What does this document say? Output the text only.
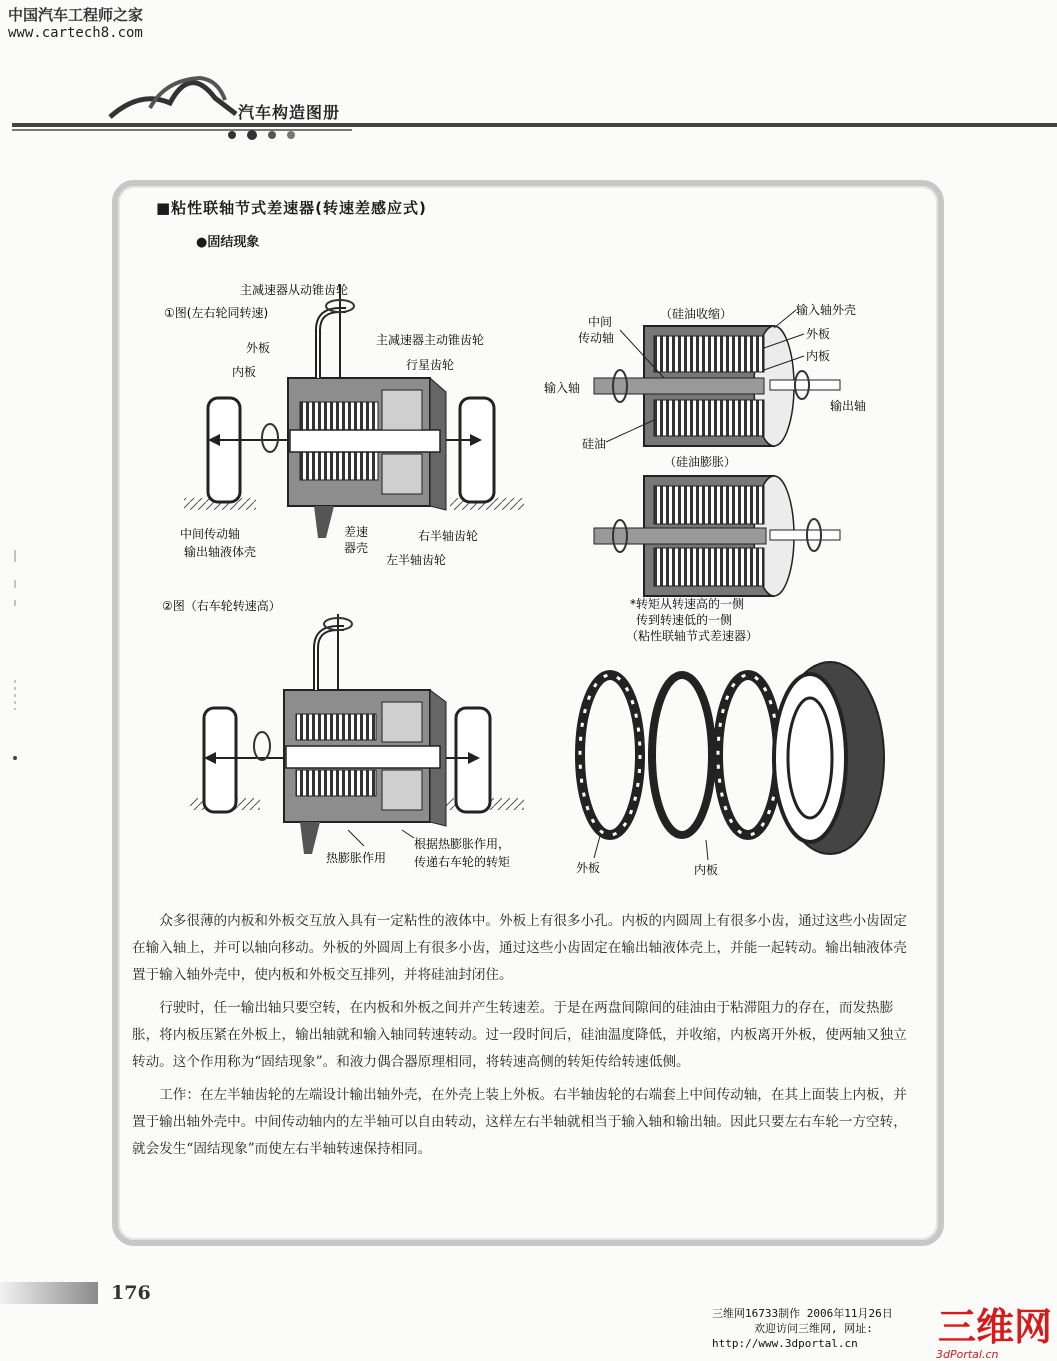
中国汽车工程师之家
www.cartech8.com
汽车构造图册
■粘性联轴节式差速器(转速差感应式)
●固结现象
①图(左右轮同转速)
主减速器从动锥齿轮
主减速器主动锥齿轮
外板
内板	行星齿轮
中间传动轴
输出轴液体壳
差速
器壳
右半轴齿轮
左半轴齿轮
②图（右车轮转速高）
热膨胀作用
根据热膨胀作用，
传递右车轮的转矩
（硅油收缩）
中间
传动轴
输入轴
硅油
输入轴外壳
外板
内板
输出轴
（硅油膨胀）
*转矩从转速高的一侧
传到转速低的一侧
（粘性联轴节式差速器）
外板	内板

众多很薄的内板和外板交互放入具有一定粘性的液体中。外板上有很多小孔。内板的内圆周上有很多小齿，通过这些小齿固定在输入轴上，并可以轴向移动。外板的外圆周上有很多小齿，通过这些小齿固定在输出轴液体壳上，并能一起转动。输出轴液体壳置于输入轴外壳中，使内板和外板交互排列，并将硅油封闭住。

行驶时，任一输出轴只要空转，在内板和外板之间并产生转速差。于是在两盘间隙间的硅油由于粘滞阻力的存在，而发热膨胀，将内板压紧在外板上，输出轴就和输入轴同转速转动。过一段时间后，硅油温度降低，并收缩，内板离开外板，使两轴又独立转动。这个作用称为“固结现象”。和液力偶合器原理相同，将转速高侧的转矩传给转速低侧。

工作：在左半轴齿轮的左端设计输出轴外壳，在外壳上装上外板。右半轴齿轮的右端套上中间传动轴，在其上面装上内板，并置于输出轴外壳中。中间传动轴内的左半轴可以自由转动，这样左右半轴就相当于输入轴和输出轴。因此只要左右车轮一方空转，就会发生“固结现象”而使左右半轴转速保持相同。

176
三维网16733制作 2006年11月26日
欢迎访问三维网, 网址:
http://www.3dportal.cn	三维网
3dPortal.cn
